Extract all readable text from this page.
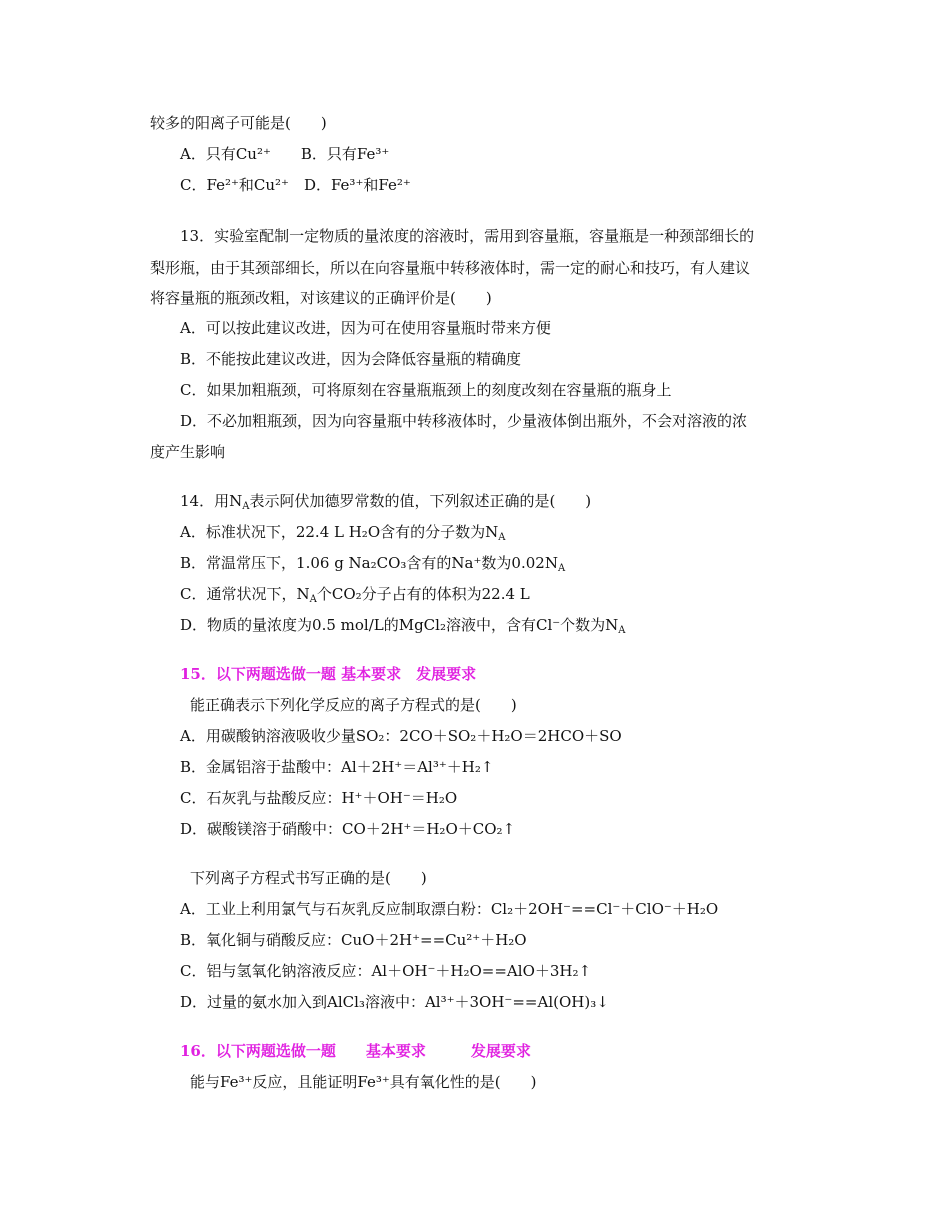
较多的阳离子可能是(　　)
A．只有Cu²⁺　　B．只有Fe³⁺
C．Fe²⁺和Cu²⁺　D．Fe³⁺和Fe²⁺
13．实验室配制一定物质的量浓度的溶液时，需用到容量瓶，容量瓶是一种颈部细长的
梨形瓶，由于其颈部细长，所以在向容量瓶中转移液体时，需一定的耐心和技巧，有人建议
将容量瓶的瓶颈改粗，对该建议的正确评价是(　　)
A．可以按此建议改进，因为可在使用容量瓶时带来方便
B．不能按此建议改进，因为会降低容量瓶的精确度
C．如果加粗瓶颈，可将原刻在容量瓶瓶颈上的刻度改刻在容量瓶的瓶身上
D．不必加粗瓶颈，因为向容量瓶中转移液体时，少量液体倒出瓶外，不会对溶液的浓
度产生影响
14．用$N_A$表示阿伏加德罗常数的值，下列叙述正确的是(　　)
A．标准状况下，22.4 L H₂O含有的分子数为$N_A$
B．常温常压下，1.06 g Na₂CO₃含有的Na⁺数为$0.02N_A$
C．通常状况下，$N_A$个CO₂分子占有的体积为22.4 L
D．物质的量浓度为0.5 mol/L的MgCl₂溶液中，含有Cl⁻个数为$N_A$
15．以下两题选做一题 基本要求　发展要求
能正确表示下列化学反应的离子方程式的是(　　)
A．用碳酸钠溶液吸收少量SO₂：2CO＋SO₂＋H₂O＝2HCO＋SO
B．金属铝溶于盐酸中：Al＋2H⁺＝Al³⁺＋H₂↑
C．石灰乳与盐酸反应：H⁺＋OH⁻＝H₂O
D．碳酸镁溶于硝酸中：CO＋2H⁺＝H₂O＋CO₂↑
下列离子方程式书写正确的是(　　)
A．工业上利用氯气与石灰乳反应制取漂白粉：Cl₂＋2OH⁻==Cl⁻＋ClO⁻＋H₂O
B．氧化铜与硝酸反应：CuO＋2H⁺==Cu²⁺＋H₂O
C．铝与氢氧化钠溶液反应：Al＋OH⁻＋H₂O==AlO＋3H₂↑
D．过量的氨水加入到AlCl₃溶液中：Al³⁺＋3OH⁻==Al(OH)₃↓
16．以下两题选做一题　　基本要求　　　发展要求
能与Fe³⁺反应，且能证明Fe³⁺具有氧化性的是(　　)
